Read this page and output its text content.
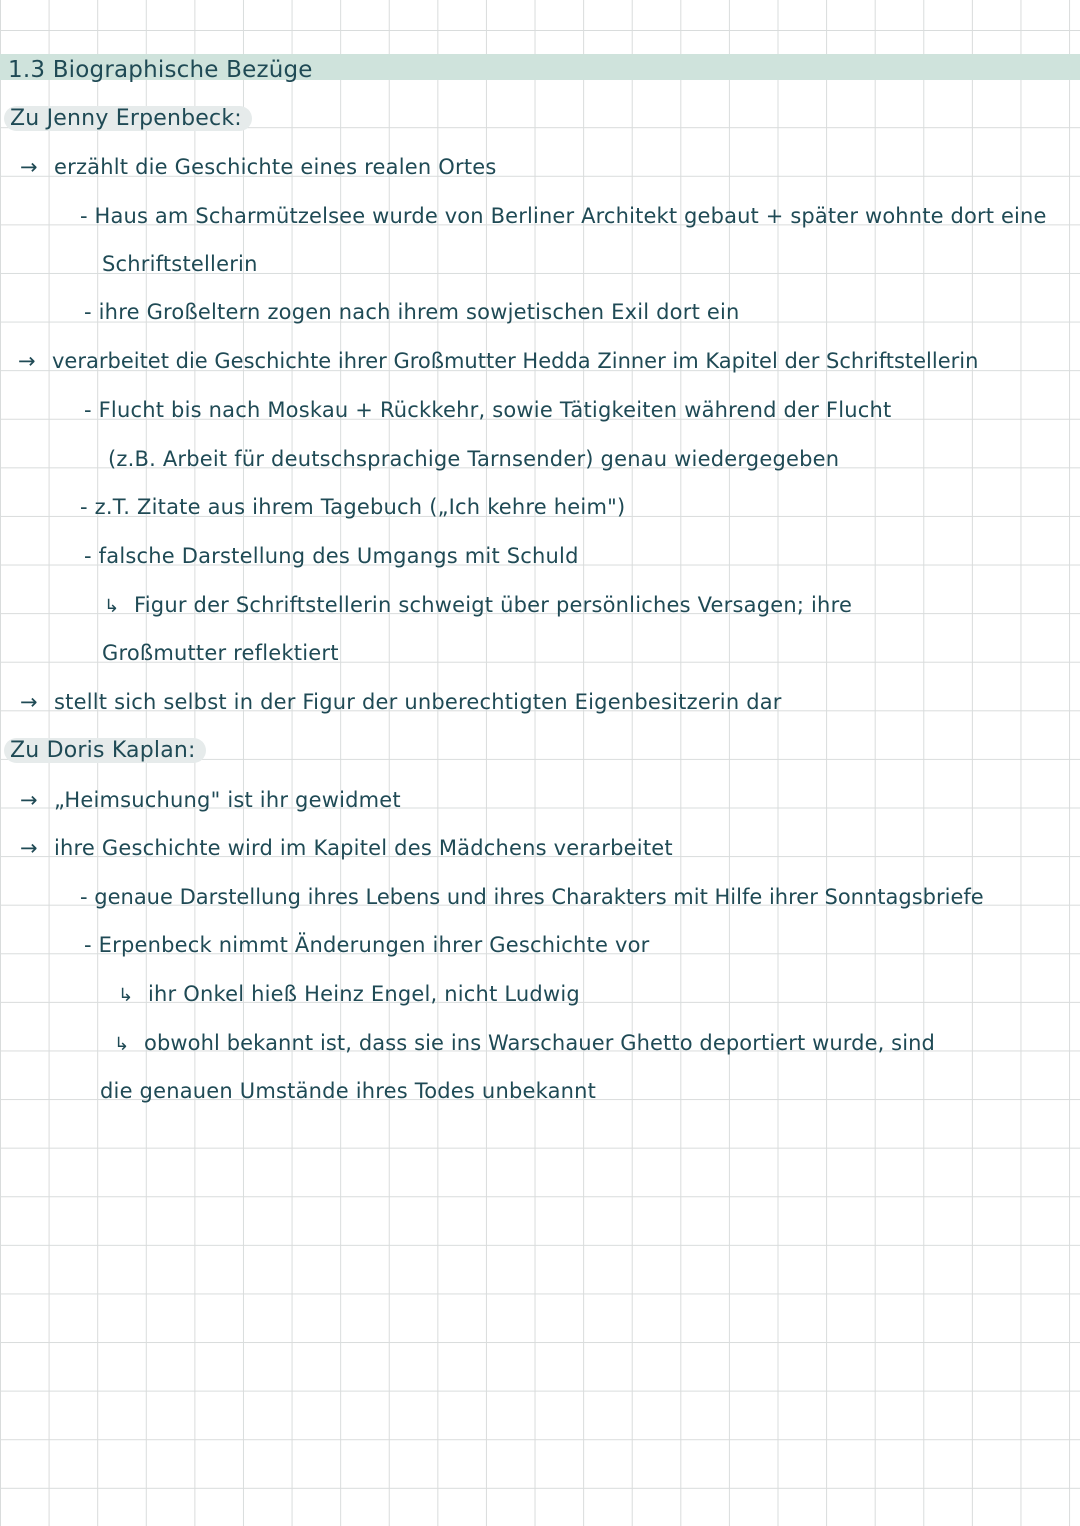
1.3 Biographische Bezüge
Zu Jenny Erpenbeck:
→ erzählt die Geschichte eines realen Ortes
- Haus am Scharmützelsee wurde von Berliner Architekt gebaut + später wohnte dort eine
Schriftstellerin
- ihre Großeltern zogen nach ihrem sowjetischen Exil dort ein
→ verarbeitet die Geschichte ihrer Großmutter Hedda Zinner im Kapitel der Schriftstellerin
- Flucht bis nach Moskau + Rückkehr, sowie Tätigkeiten während der Flucht
(z.B. Arbeit für deutschsprachige Tarnsender) genau wiedergegeben
- z.T. Zitate aus ihrem Tagebuch („Ich kehre heim")
- falsche Darstellung des Umgangs mit Schuld
↳ Figur der Schriftstellerin schweigt über persönliches Versagen; ihre
Großmutter reflektiert
→ stellt sich selbst in der Figur der unberechtigten Eigenbesitzerin dar
Zu Doris Kaplan:
→ „Heimsuchung" ist ihr gewidmet
→ ihre Geschichte wird im Kapitel des Mädchens verarbeitet
- genaue Darstellung ihres Lebens und ihres Charakters mit Hilfe ihrer Sonntagsbriefe
- Erpenbeck nimmt Änderungen ihrer Geschichte vor
↳ ihr Onkel hieß Heinz Engel, nicht Ludwig
↳ obwohl bekannt ist, dass sie ins Warschauer Ghetto deportiert wurde, sind
die genauen Umstände ihres Todes unbekannt
